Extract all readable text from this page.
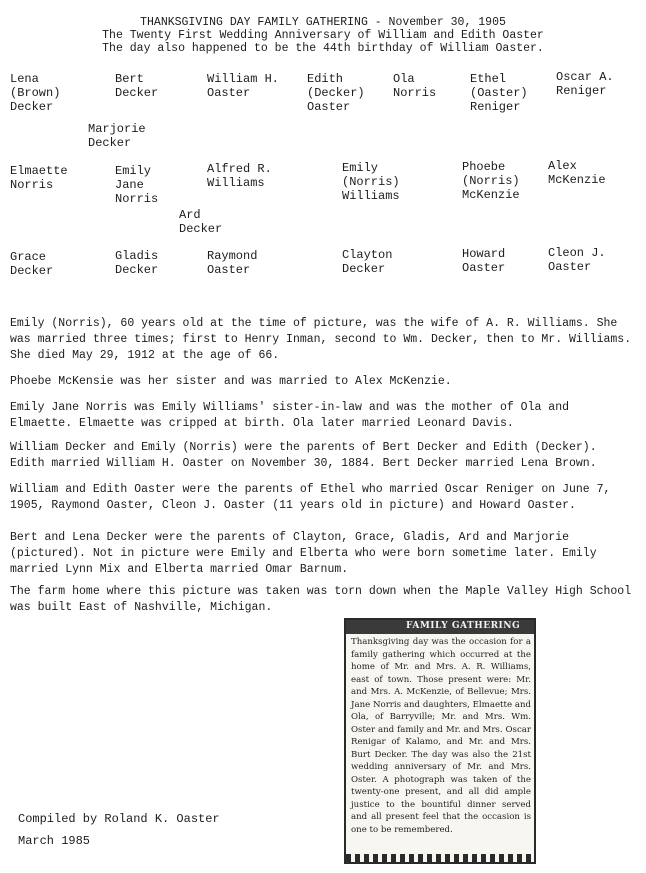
THANKSGIVING DAY FAMILY GATHERING - November 30, 1905
The Twenty First Wedding Anniversary of William and Edith Oaster
The day also happened to be the 44th birthday of William Oaster.
Lena
(Brown)
Decker
Bert
Decker
William H.
Oaster
Edith
(Decker)
Oaster
Ola
Norris
Ethel
(Oaster)
Reniger
Oscar A.
Reniger
Marjorie
Decker
Elmaette
Norris
Emily
Jane
Norris
Alfred R.
Williams
Emily
(Norris)
Williams
Phoebe
(Norris)
McKenzie
Alex
McKenzie
Ard
Decker
Grace
Decker
Gladis
Decker
Raymond
Oaster
Clayton
Decker
Howard
Oaster
Cleon J.
Oaster

Emily (Norris), 60 years old at the time of picture, was the wife of A. R. Williams. She was married three times; first to Henry Inman, second to Wm. Decker, then to Mr. Williams. She died May 29, 1912 at the age of 66.

Phoebe McKensie was her sister and was married to Alex McKenzie.

Emily Jane Norris was Emily Williams' sister-in-law and was the mother of Ola and Elmaette. Elmaette was cripped at birth. Ola later married Leonard Davis.

William Decker and Emily (Norris) were the parents of Bert Decker and Edith (Decker). Edith married William H. Oaster on November 30, 1884. Bert Decker married Lena Brown.

William and Edith Oaster were the parents of Ethel who married Oscar Reniger on June 7, 1905, Raymond Oaster, Cleon J. Oaster (11 years old in picture) and Howard Oaster.

Bert and Lena Decker were the parents of Clayton, Grace, Gladis, Ard and Marjorie (pictured). Not in picture were Emily and Elberta who were born sometime later. Emily married Lynn Mix and Elberta married Omar Barnum.

The farm home where this picture was taken was torn down when the Maple Valley High School was built East of Nashville, Michigan.

Compiled by Roland K. Oaster
March 1985
FAMILY GATHERING
Thanksgiving day was the occasion for a family gathering which occurred at the home of Mr. and Mrs. A. R. Williams, east of town. Those present were: Mr. and Mrs. A. McKenzie, of Bellevue; Mrs. Jane Norris and daughters, Elmaette and Ola, of Barryville; Mr. and Mrs. Wm. Oster and family and Mr. and Mrs. Oscar Renigar of Kalamo, and Mr. and Mrs. Burt Decker. The day was also the 21st wedding anniversary of Mr. and Mrs. Oster. A photograph was taken of the twenty-one present, and all did ample justice to the bountiful dinner served and all present feel that the occasion is one to be remembered.
